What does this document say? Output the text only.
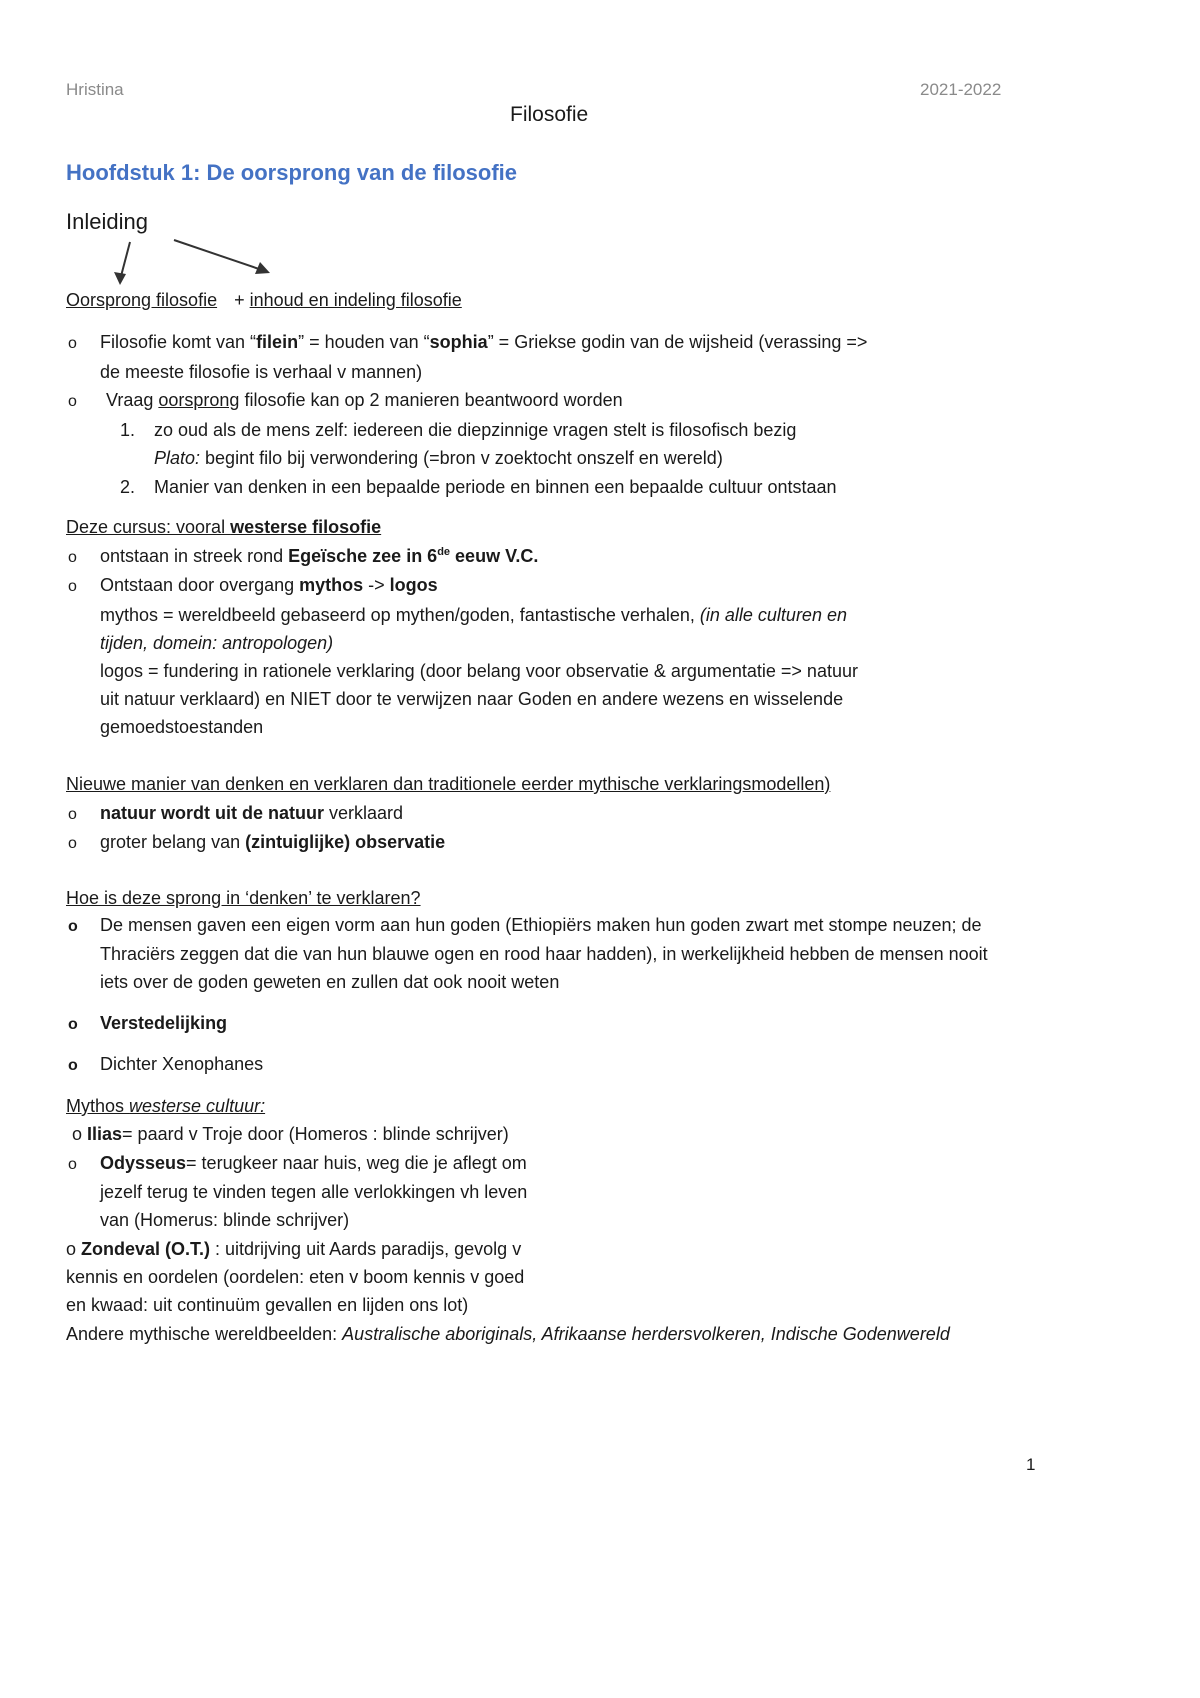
Hristina	2021-2022
Filosofie
Hoofdstuk 1: De oorsprong van de filosofie
Inleiding
Oorsprong filosofie + inhoud en indeling filosofie
o Filosofie komt van “filein” = houden van “sophia” = Griekse godin van de wijsheid (verassing =>
de meeste filosofie is verhaal v mannen)
o Vraag oorsprong filosofie kan op 2 manieren beantwoord worden
1. zo oud als de mens zelf: iedereen die diepzinnige vragen stelt is filosofisch bezig
Plato: begint filo bij verwondering (=bron v zoektocht onszelf en wereld)
2. Manier van denken in een bepaalde periode en binnen een bepaalde cultuur ontstaan
Deze cursus: vooral westerse filosofie
o ontstaan in streek rond Egeïsche zee in 6de eeuw V.C.
o Ontstaan door overgang mythos -> logos
mythos = wereldbeeld gebaseerd op mythen/goden, fantastische verhalen, (in alle culturen en
tijden, domein: antropologen)
logos = fundering in rationele verklaring (door belang voor observatie & argumentatie => natuur
uit natuur verklaard) en NIET door te verwijzen naar Goden en andere wezens en wisselende
gemoedstoestanden
Nieuwe manier van denken en verklaren dan traditionele eerder mythische verklaringsmodellen)
o natuur wordt uit de natuur verklaard
o groter belang van (zintuiglijke) observatie
Hoe is deze sprong in ‘denken’ te verklaren?
o De mensen gaven een eigen vorm aan hun goden (Ethiopiërs maken hun goden zwart met stompe neuzen; de
Thraciërs zeggen dat die van hun blauwe ogen en rood haar hadden), in werkelijkheid hebben de mensen nooit
iets over de goden geweten en zullen dat ook nooit weten
o Verstedelijking
o Dichter Xenophanes
Mythos westerse cultuur:
o Ilias= paard v Troje door (Homeros : blinde schrijver)
o Odysseus= terugkeer naar huis, weg die je aflegt om
jezelf terug te vinden tegen alle verlokkingen vh leven
van (Homerus: blinde schrijver)
o Zondeval (O.T.) : uitdrijving uit Aards paradijs, gevolg v
kennis en oordelen (oordelen: eten v boom kennis v goed
en kwaad: uit continuüm gevallen en lijden ons lot)
Andere mythische wereldbeelden: Australische aboriginals, Afrikaanse herdersvolkeren, Indische Godenwereld
1
